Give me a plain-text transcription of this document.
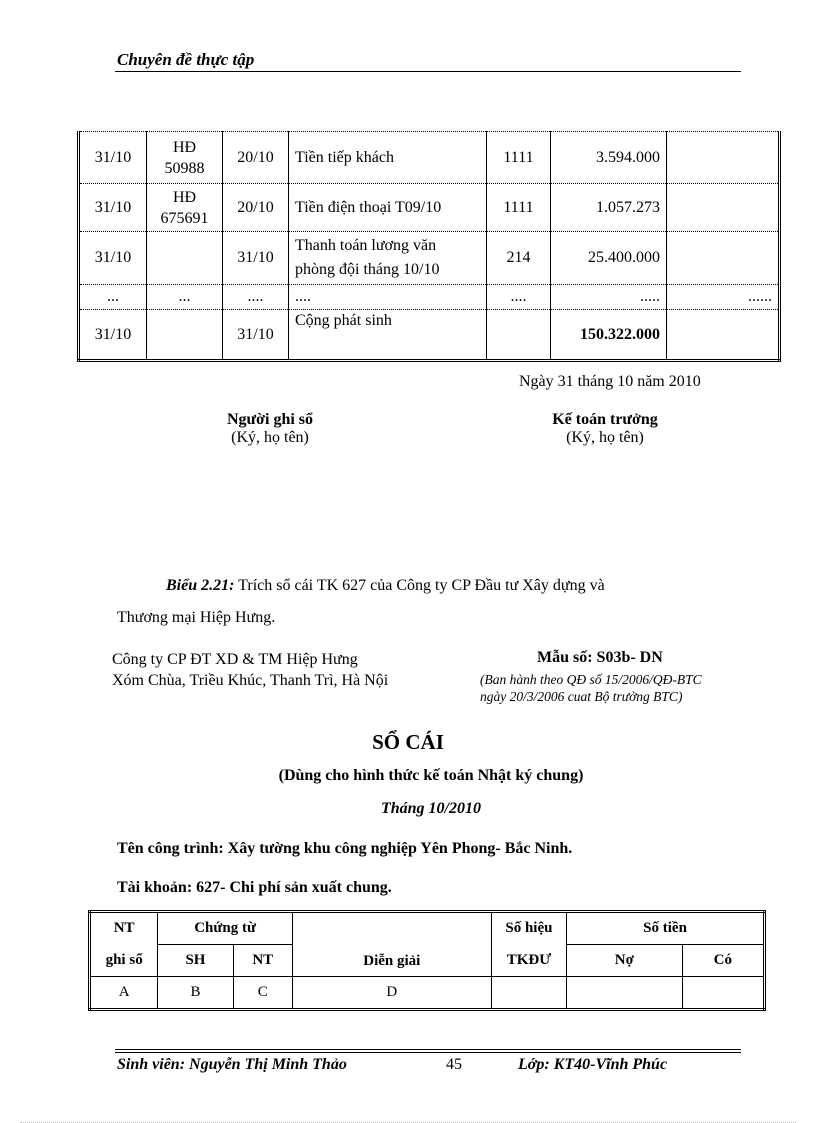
Chuyên đề thực tập
31/10	HĐ 50988	20/10	Tiền tiếp khách	1111	3.594.000	
31/10	HĐ 675691	20/10	Tiền điện thoại T09/10	1111	1.057.273	
31/10		31/10	Thanh toán lương văn phòng đội tháng 10/10	214	25.400.000	
...	...	....	....	....	.....	......
31/10		31/10	Cộng phát sinh		150.322.000	
Ngày 31 tháng 10 năm 2010
Người ghi sổ
(Ký, họ tên)
Kế toán trưởng
(Ký, họ tên)
Biểu 2.21: Trích sổ cái TK 627 của Công ty CP Đầu tư Xây dựng và
Thương mại Hiệp Hưng.
Công ty CP ĐT XD & TM Hiệp Hưng
Xóm Chùa, Triều Khúc, Thanh Trì, Hà Nội
Mẫu số: S03b- DN
(Ban hành theo QĐ số 15/2006/QĐ-BTC ngày 20/3/2006 cuat Bộ trưởng BTC)
SỔ CÁI
(Dùng cho hình thức kế toán Nhật ký chung)
Tháng 10/2010
Tên công trình: Xây tường khu công nghiệp Yên Phong- Bắc Ninh.
Tài khoản: 627- Chi phí sản xuất chung.
NT	Chứng từ		Diễn giải	Số hiệu	Số tiền	
ghi sổ	SH	NT		TKĐƯ	Nợ	Có
A	B	C	D			
Sinh viên: Nguyễn Thị Minh Thảo	45	Lớp: KT40-Vĩnh Phúc
